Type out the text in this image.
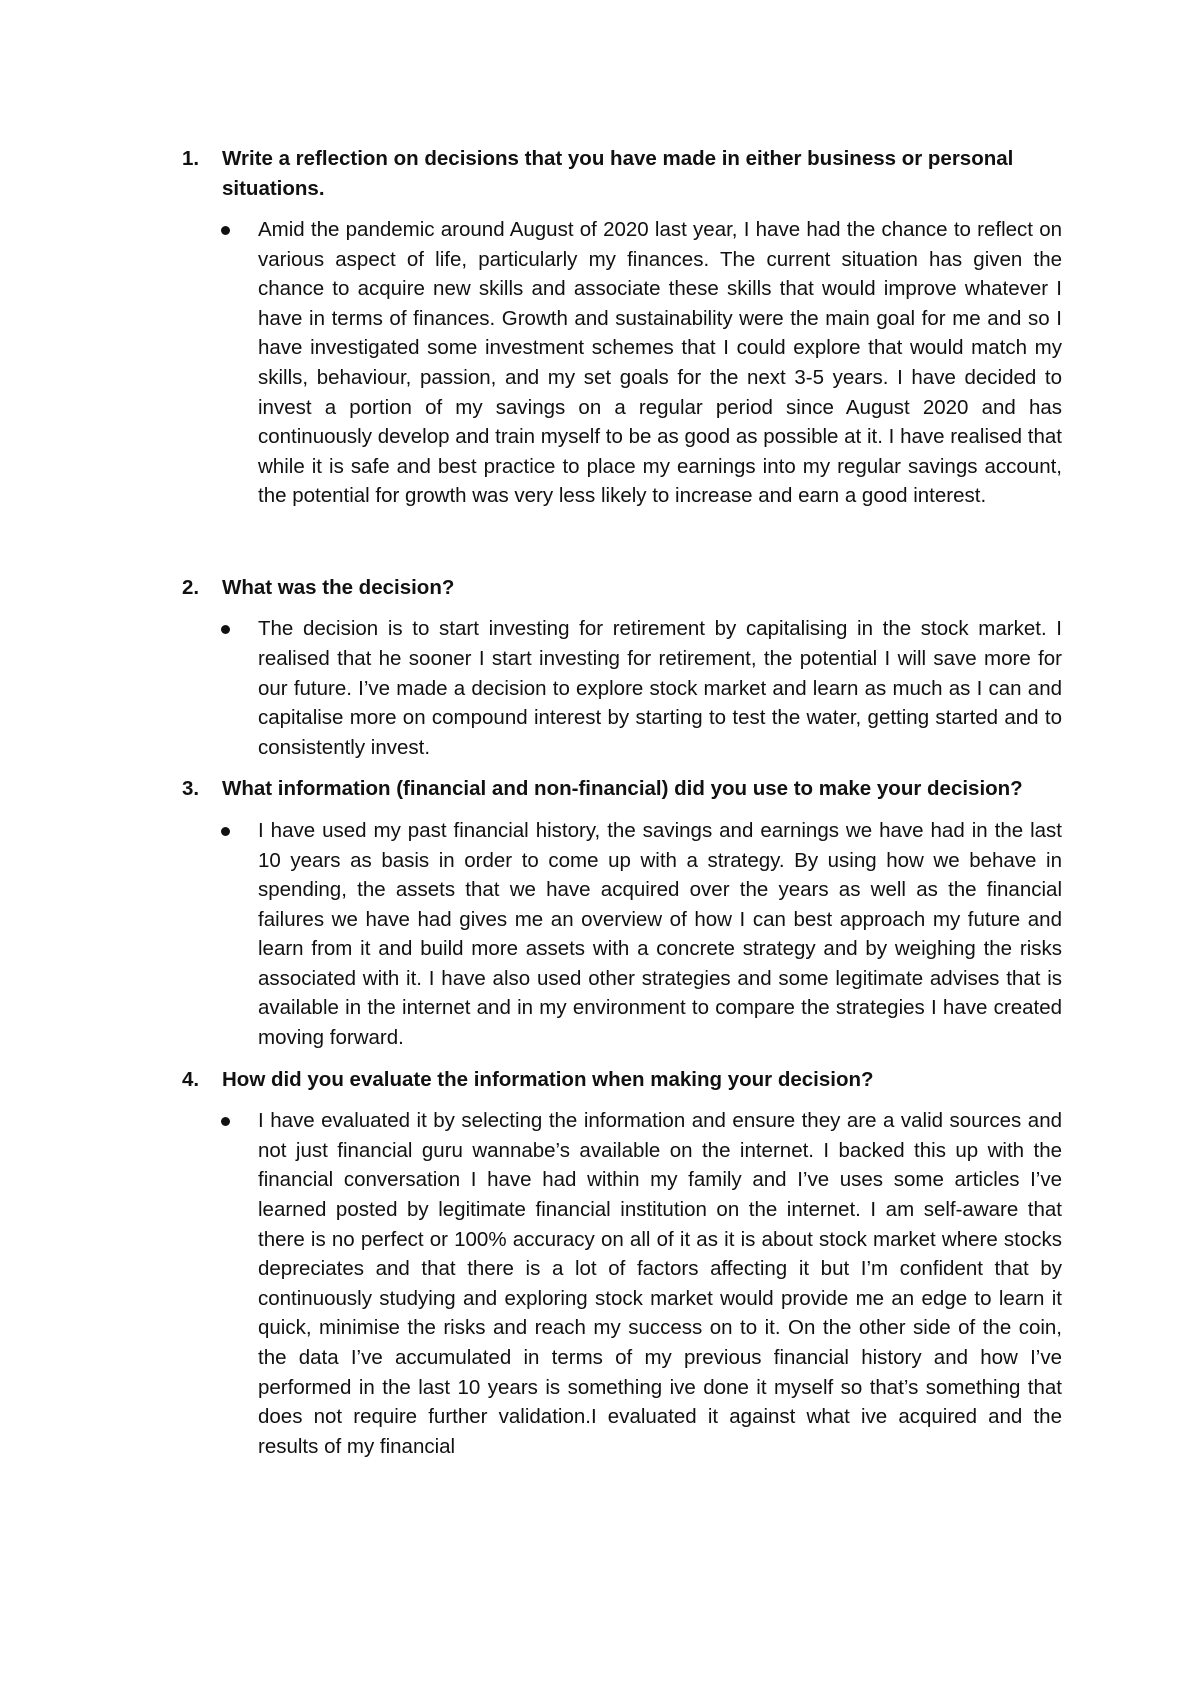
1. Write a reflection on decisions that you have made in either business or personal situations.
Amid the pandemic around August of 2020 last year, I have had the chance to reflect on various aspect of life, particularly my finances. The current situation has given the chance to acquire new skills and associate these skills that would improve whatever I have in terms of finances. Growth and sustainability were the main goal for me and so I have investigated some investment schemes that I could explore that would match my skills, behaviour, passion, and my set goals for the next 3-5 years. I have decided to invest a portion of my savings on a regular period since August 2020 and has continuously develop and train myself to be as good as possible at it. I have realised that while it is safe and best practice to place my earnings into my regular savings account, the potential for growth was very less likely to increase and earn a good interest.
2. What was the decision?
The decision is to start investing for retirement by capitalising in the stock market. I realised that he sooner I start investing for retirement, the potential I will save more for our future. I’ve made a decision to explore stock market and learn as much as I can and capitalise more on compound interest by starting to test the water, getting started and to consistently invest.
3. What information (financial and non-financial) did you use to make your decision?
I have used my past financial history, the savings and earnings we have had in the last 10 years as basis in order to come up with a strategy. By using how we behave in spending, the assets that we have acquired over the years as well as the financial failures we have had gives me an overview of how I can best approach my future and learn from it and build more assets with a concrete strategy and by weighing the risks associated with it. I have also used other strategies and some legitimate advises that is available in the internet and in my environment to compare the strategies I have created moving forward.
4. How did you evaluate the information when making your decision?
I have evaluated it by selecting the information and ensure they are a valid sources and not just financial guru wannabe’s available on the internet. I backed this up with the financial conversation I have had within my family and I’ve uses some articles I’ve learned posted by legitimate financial institution on the internet. I am self-aware that there is no perfect or 100% accuracy on all of it as it is about stock market where stocks depreciates and that there is a lot of factors affecting it but I’m confident that by continuously studying and exploring stock market would provide me an edge to learn it quick, minimise the risks and reach my success on to it. On the other side of the coin, the data I’ve accumulated in terms of my previous financial history and how I’ve performed in the last 10 years is something ive done it myself so that’s something that does not require further validation.I evaluated it against what ive acquired and the results of my financial
